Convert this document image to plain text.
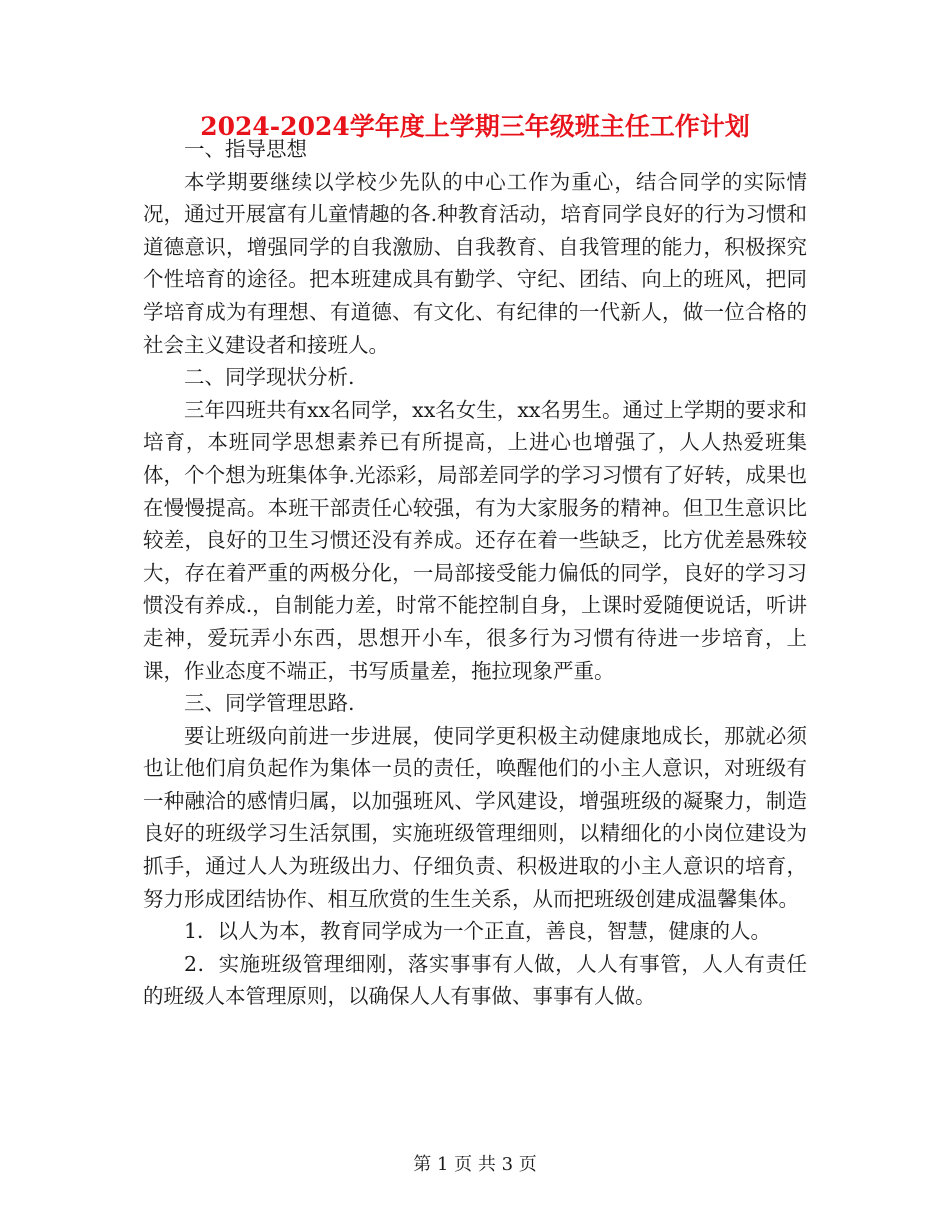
2024-2024学年度上学期三年级班主任工作计划

一、指导思想

本学期要继续以学校少先队的中心工作为重心，结合同学的实际情况，通过开展富有儿童情趣的各.种教育活动，培育同学良好的行为习惯和道德意识，增强同学的自我激励、自我教育、自我管理的能力，积极探究个性培育的途径。把本班建成具有勤学、守纪、团结、向上的班风，把同学培育成为有理想、有道德、有文化、有纪律的一代新人，做一位合格的社会主义建设者和接班人。

二、同学现状分析.

三年四班共有xx名同学，xx名女生，xx名男生。通过上学期的要求和培育，本班同学思想素养已有所提高，上进心也增强了，人人热爱班集体，个个想为班集体争.光添彩，局部差同学的学习习惯有了好转，成果也在慢慢提高。本班干部责任心较强，有为大家服务的精神。但卫生意识比较差，良好的卫生习惯还没有养成。还存在着一些缺乏，比方优差悬殊较大，存在着严重的两极分化，一局部接受能力偏低的同学，良好的学习习惯没有养成.，自制能力差，时常不能控制自身，上课时爱随便说话，听讲走神，爱玩弄小东西，思想开小车，很多行为习惯有待进一步培育，上课，作业态度不端正，书写质量差，拖拉现象严重。

三、同学管理思路.

要让班级向前进一步进展，使同学更积极主动健康地成长，那就必须也让他们肩负起作为集体一员的责任，唤醒他们的小主人意识，对班级有一种融洽的感情归属，以加强班风、学风建设，增强班级的凝聚力，制造良好的班级学习生活氛围，实施班级管理细则，以精细化的小岗位建设为抓手，通过人人为班级出力、仔细负责、积极进取的小主人意识的培育，努力形成团结协作、相互欣赏的生生关系，从而把班级创建成温馨集体。

1．以人为本，教育同学成为一个正直，善良，智慧，健康的人。

2．实施班级管理细刚，落实事事有人做，人人有事管，人人有责任的班级人本管理原则，以确保人人有事做、事事有人做。

第 1 页 共 3 页
